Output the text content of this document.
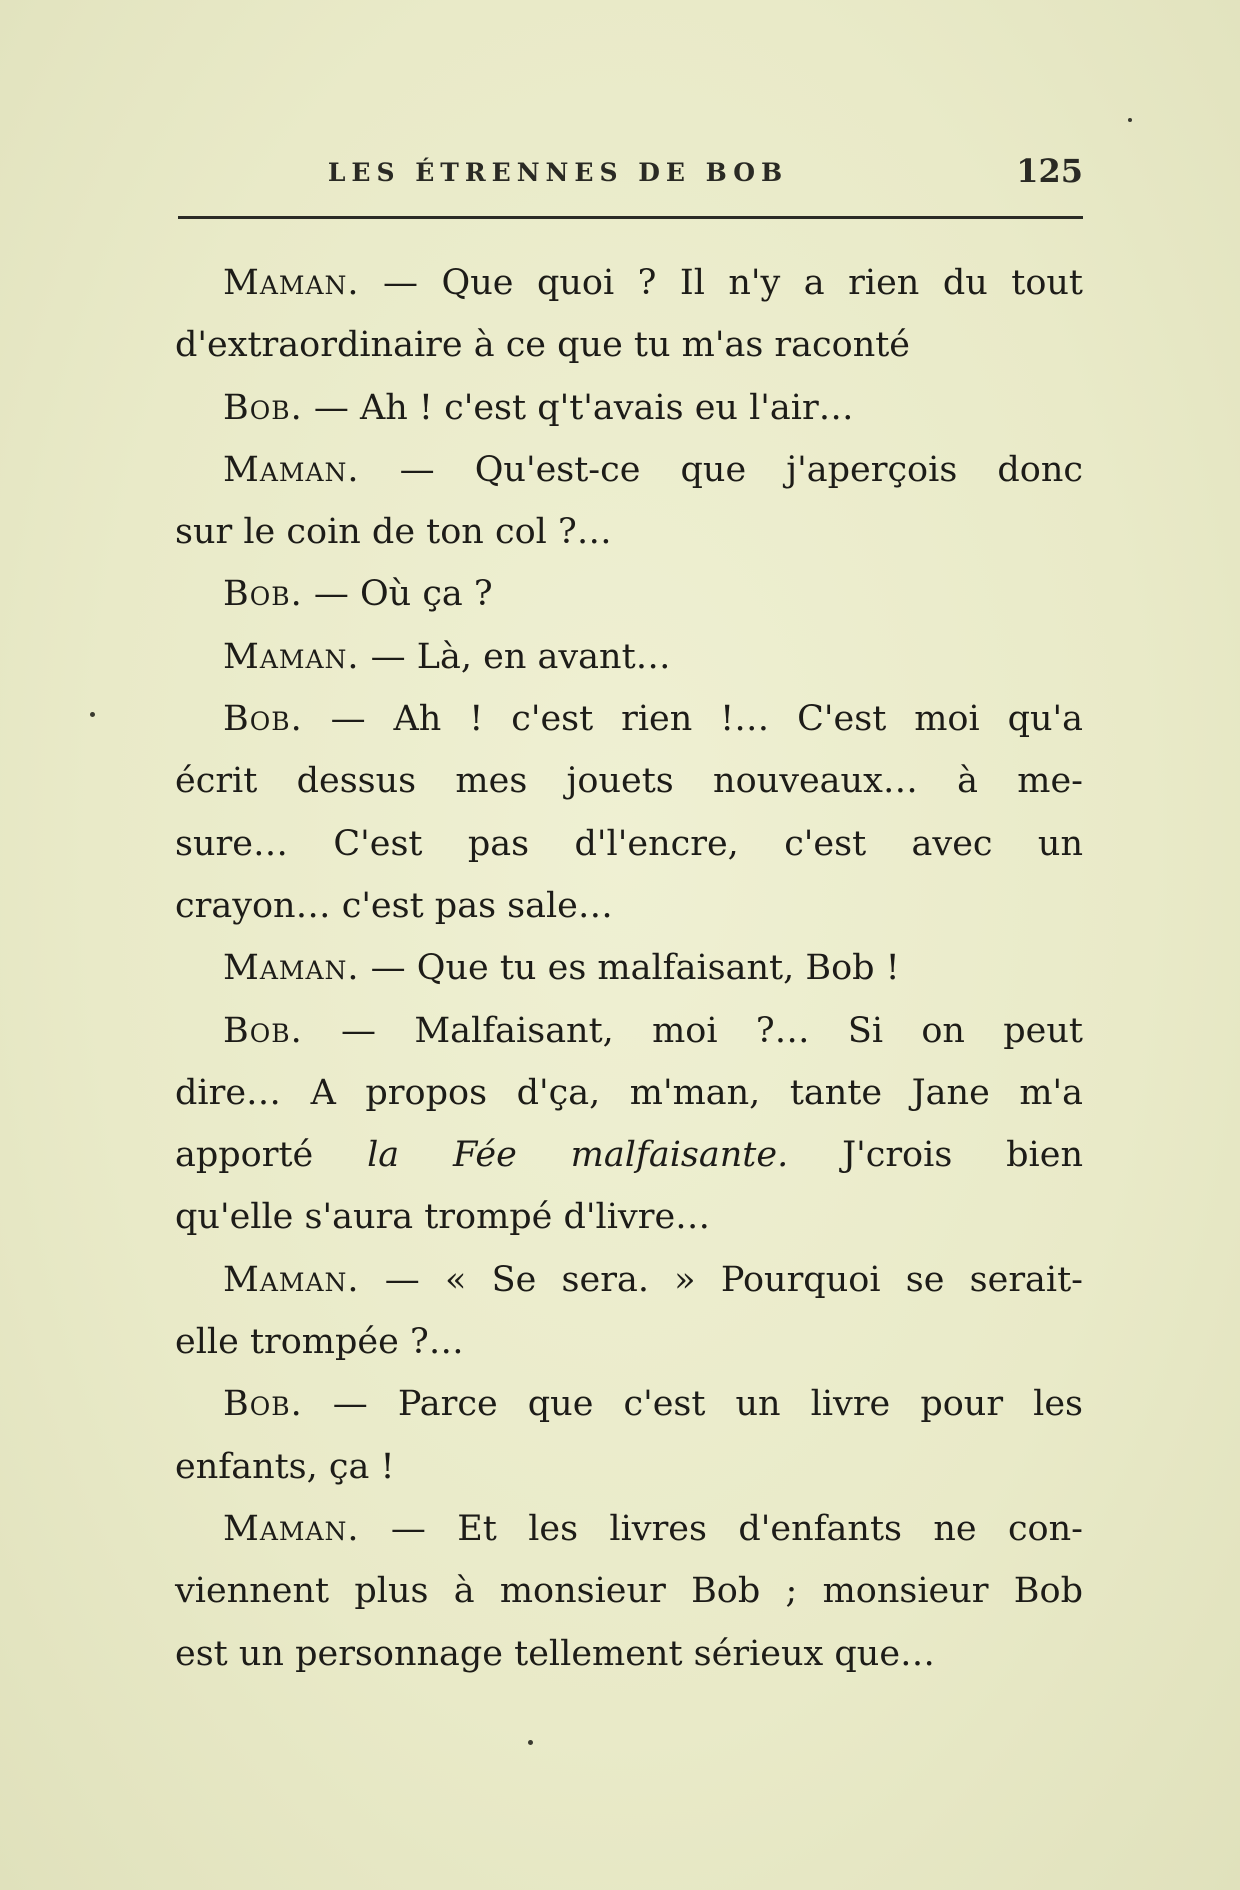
LES ÉTRENNES DE BOB	125
Maman. — Que quoi ? Il n'y a rien du tout
d'extraordinaire à ce que tu m'as raconté
Bob. — Ah ! c'est q't'avais eu l'air…
Maman. — Qu'est-ce que j'aperçois donc
sur le coin de ton col ?…
Bob. — Où ça ?
Maman. — Là, en avant…
Bob. — Ah ! c'est rien !… C'est moi qu'a
écrit dessus mes jouets nouveaux… à me-
sure… C'est pas d'l'encre, c'est avec un
crayon… c'est pas sale…
Maman. — Que tu es malfaisant, Bob !
Bob. — Malfaisant, moi ?… Si on peut
dire… A propos d'ça, m'man, tante Jane m'a
apporté la Fée malfaisante. J'crois bien
qu'elle s'aura trompé d'livre…
Maman. — « Se sera. » Pourquoi se serait-
elle trompée ?…
Bob. — Parce que c'est un livre pour les
enfants, ça !
Maman. — Et les livres d'enfants ne con-
viennent plus à monsieur Bob ; monsieur Bob
est un personnage tellement sérieux que…
